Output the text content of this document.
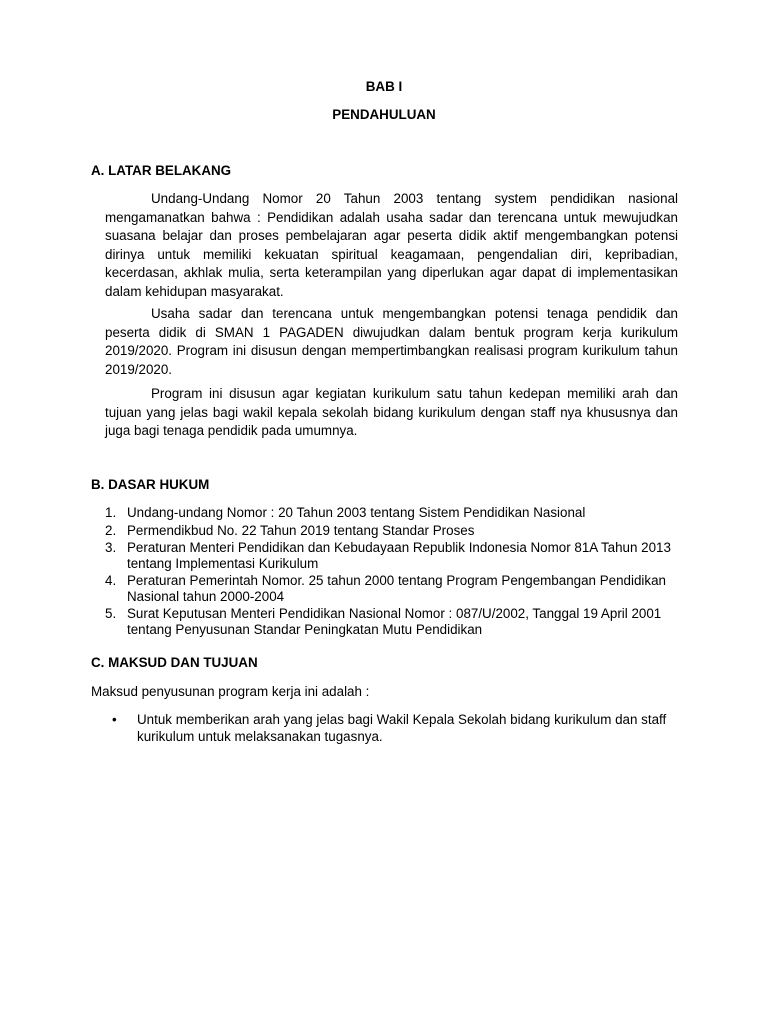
BAB I
PENDAHULUAN
A. LATAR BELAKANG

Undang-Undang Nomor 20 Tahun 2003 tentang system pendidikan nasional mengamanatkan bahwa : Pendidikan adalah usaha sadar dan terencana untuk mewujudkan suasana belajar dan proses pembelajaran agar peserta didik aktif mengembangkan potensi dirinya untuk memiliki kekuatan spiritual keagamaan, pengendalian diri, kepribadian, kecerdasan, akhlak mulia, serta keterampilan yang diperlukan agar dapat di implementasikan dalam kehidupan masyarakat.

Usaha sadar dan terencana untuk mengembangkan potensi tenaga pendidik dan peserta didik di SMAN 1 PAGADEN diwujudkan dalam bentuk program kerja kurikulum 2019/2020. Program ini disusun dengan mempertimbangkan realisasi program kurikulum tahun 2019/2020.

Program ini disusun agar kegiatan kurikulum satu tahun kedepan memiliki arah dan tujuan yang jelas bagi wakil kepala sekolah bidang kurikulum dengan staff nya khususnya dan juga bagi tenaga pendidik pada umumnya.

B. DASAR HUKUM
1. Undang-undang Nomor : 20 Tahun 2003 tentang Sistem Pendidikan Nasional
2. Permendikbud No. 22 Tahun 2019 tentang Standar Proses
3. Peraturan Menteri Pendidikan dan Kebudayaan Republik Indonesia Nomor 81A Tahun 2013 tentang Implementasi Kurikulum
4. Peraturan Pemerintah Nomor. 25 tahun 2000 tentang Program Pengembangan Pendidikan Nasional tahun 2000-2004
5. Surat Keputusan Menteri Pendidikan Nasional Nomor : 087/U/2002, Tanggal 19 April 2001 tentang Penyusunan Standar Peningkatan Mutu Pendidikan
C. MAKSUD DAN TUJUAN
Maksud penyusunan program kerja ini adalah :
• Untuk memberikan arah yang jelas bagi Wakil Kepala Sekolah bidang kurikulum dan staff kurikulum untuk melaksanakan tugasnya.
